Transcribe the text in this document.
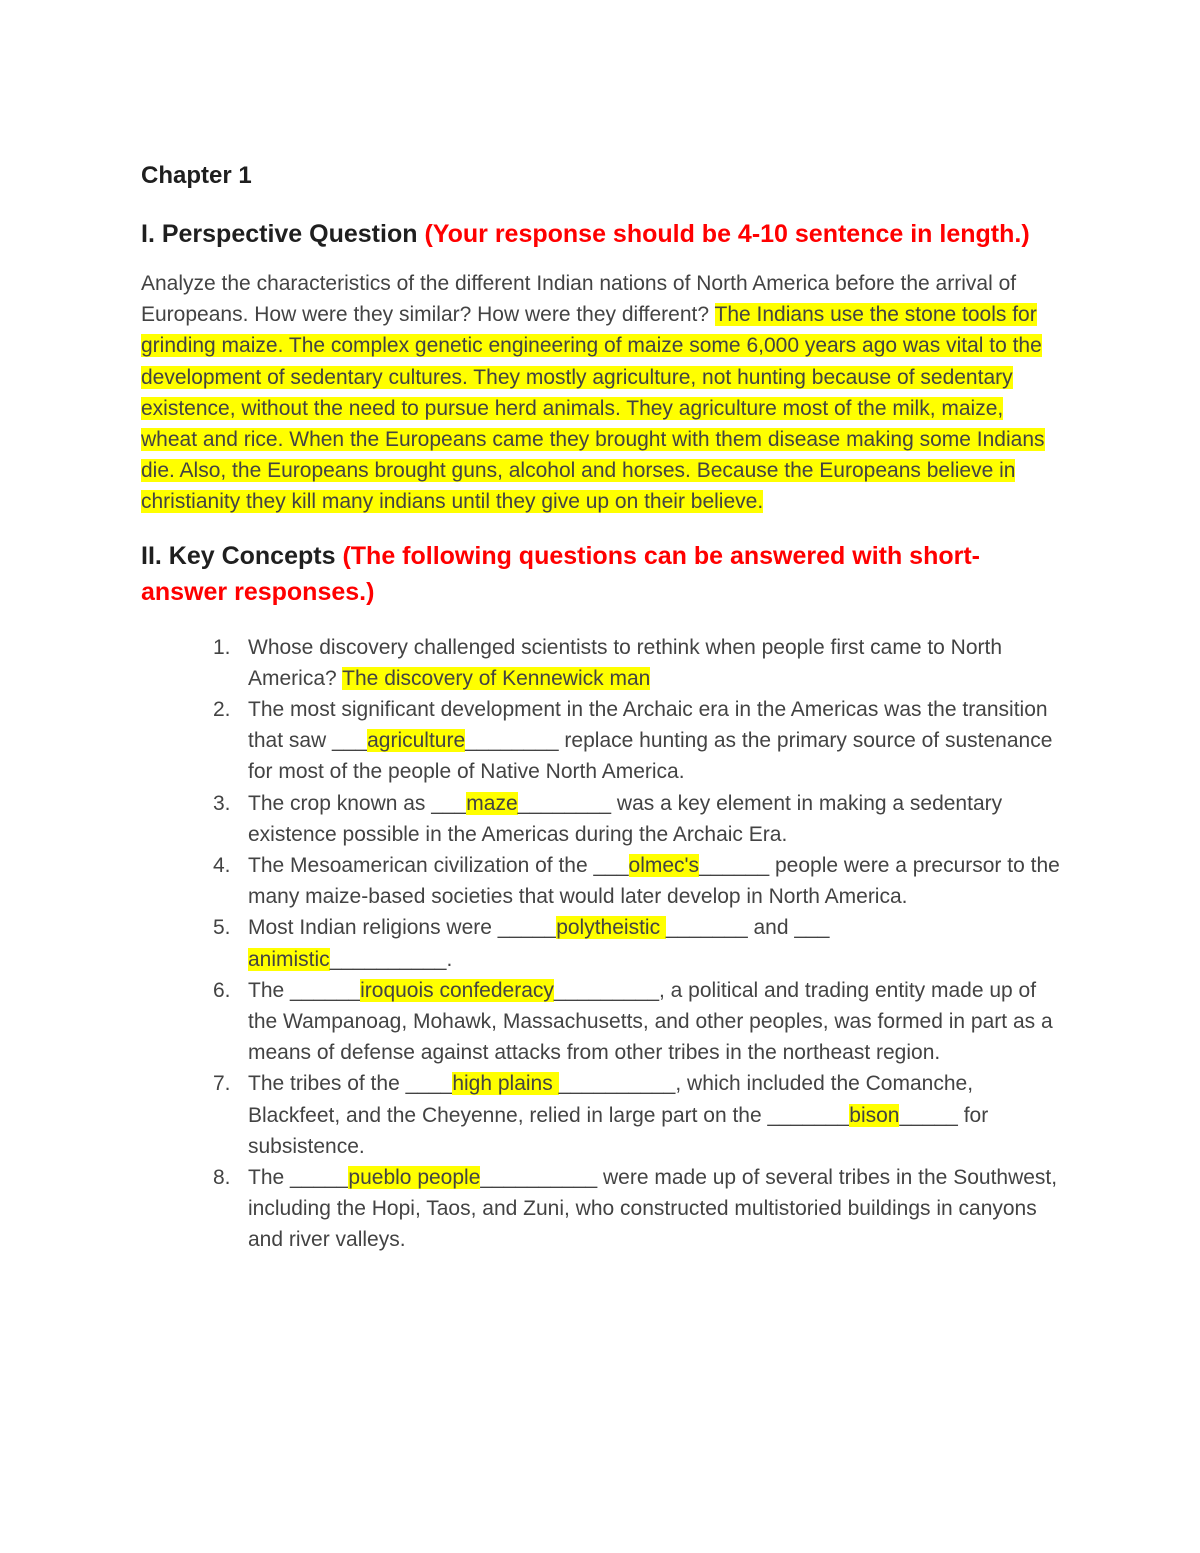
Chapter 1
I. Perspective Question (Your response should be 4-10 sentence in length.)
Analyze the characteristics of the different Indian nations of North America before the arrival of Europeans. How were they similar? How were they different? The Indians use the stone tools for grinding maize. The complex genetic engineering of maize some 6,000 years ago was vital to the development of sedentary cultures. They mostly agriculture, not hunting because of sedentary existence, without the need to pursue herd animals. They agriculture most of the milk, maize, wheat and rice. When the Europeans came they brought with them disease making some Indians die. Also, the Europeans brought guns, alcohol and horses. Because the Europeans believe in christianity they kill many indians until they give up on their believe.
II. Key Concepts (The following questions can be answered with short-answer responses.)
1. Whose discovery challenged scientists to rethink when people first came to North America? The discovery of Kennewick man
2. The most significant development in the Archaic era in the Americas was the transition that saw ___agriculture________ replace hunting as the primary source of sustenance for most of the people of Native North America.
3. The crop known as ___maze________ was a key element in making a sedentary existence possible in the Americas during the Archaic Era.
4. The Mesoamerican civilization of the ___olmec's______ people were a precursor to the many maize-based societies that would later develop in North America.
5. Most Indian religions were _____polytheistic _______ and ___
animistic__________.
6. The ______iroquois confederacy_________, a political and trading entity made up of the Wampanoag, Mohawk, Massachusetts, and other peoples, was formed in part as a means of defense against attacks from other tribes in the northeast region.
7. The tribes of the ____high plains __________, which included the Comanche, Blackfeet, and the Cheyenne, relied in large part on the _______bison_____ for subsistence.
8. The _____pueblo people__________ were made up of several tribes in the Southwest, including the Hopi, Taos, and Zuni, who constructed multistoried buildings in canyons and river valleys.
